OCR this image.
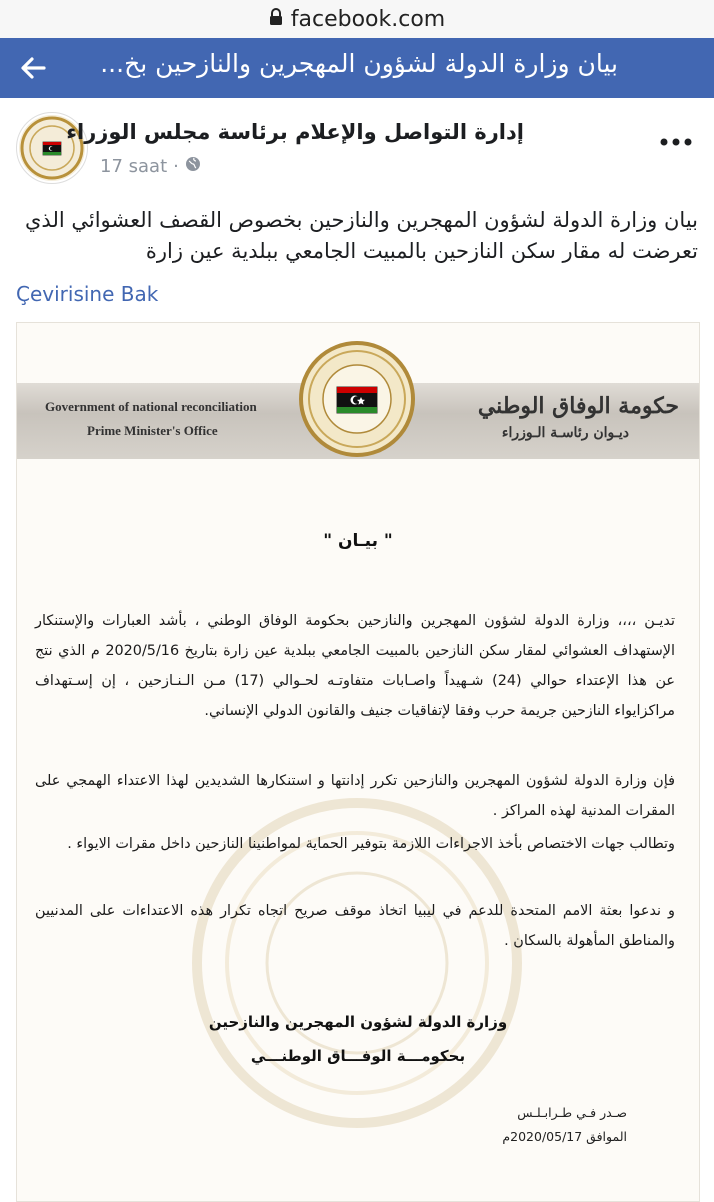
facebook.com
بيان وزارة الدولة لشؤون المهجرين والنازحين بخ...
إدارة التواصل والإعلام برئاسة مجلس الوزراء
17 saat ·
بيان وزارة الدولة لشؤون المهجرين والنازحين بخصوص القصف العشوائي الذي تعرضت له مقار سكن النازحين بالمبيت الجامعي ببلدية عين زارة
Çevirisine Bak
Government of national reconciliation
Prime Minister's Office
حكومة الوفاق الوطني
ديـوان رئاسـة الـوزراء
" بيـان "
تديـن ،،،، وزارة الدولة لشؤون المهجرين والنازحين بحكومة الوفاق الوطني ، بأشد العبارات والإستنكار الإستهداف العشوائي لمقار سكن النازحين بالمبيت الجامعي ببلدية عين زارة بتاريخ 2020/5/16 م الذي نتج عن هذا الإعتداء حوالي (24) شـهيداً واصـابات متفاوتـه لحـوالي (17) مـن الـنـازحين ، إن إسـتهداف مراكزايواء النازحين جريمة حرب وفقا لإتفاقيات جنيف والقانون الدولي الإنساني.
فإن وزارة الدولة لشؤون المهجرين والنازحين تكرر إدانتها و استنكارها الشديدين لهذا الاعتداء الهمجي على المقرات المدنية لهذه المراكز .
وتطالب جهات الاختصاص بأخذ الاجراءات اللازمة بتوفير الحماية لمواطنينا النازحين داخل مقرات الايواء .
و ندعوا بعثة الامم المتحدة للدعم في ليبيا اتخاذ موقف صريح اتجاه تكرار هذه الاعتداءات على المدنيين والمناطق المأهولة بالسكان .
وزارة الدولة لشؤون المهجرين والنازحين
بحكومـــة الوفـــاق الوطنـــي
صـدر فـي طـرابـلـس
الموافق 2020/05/17م
